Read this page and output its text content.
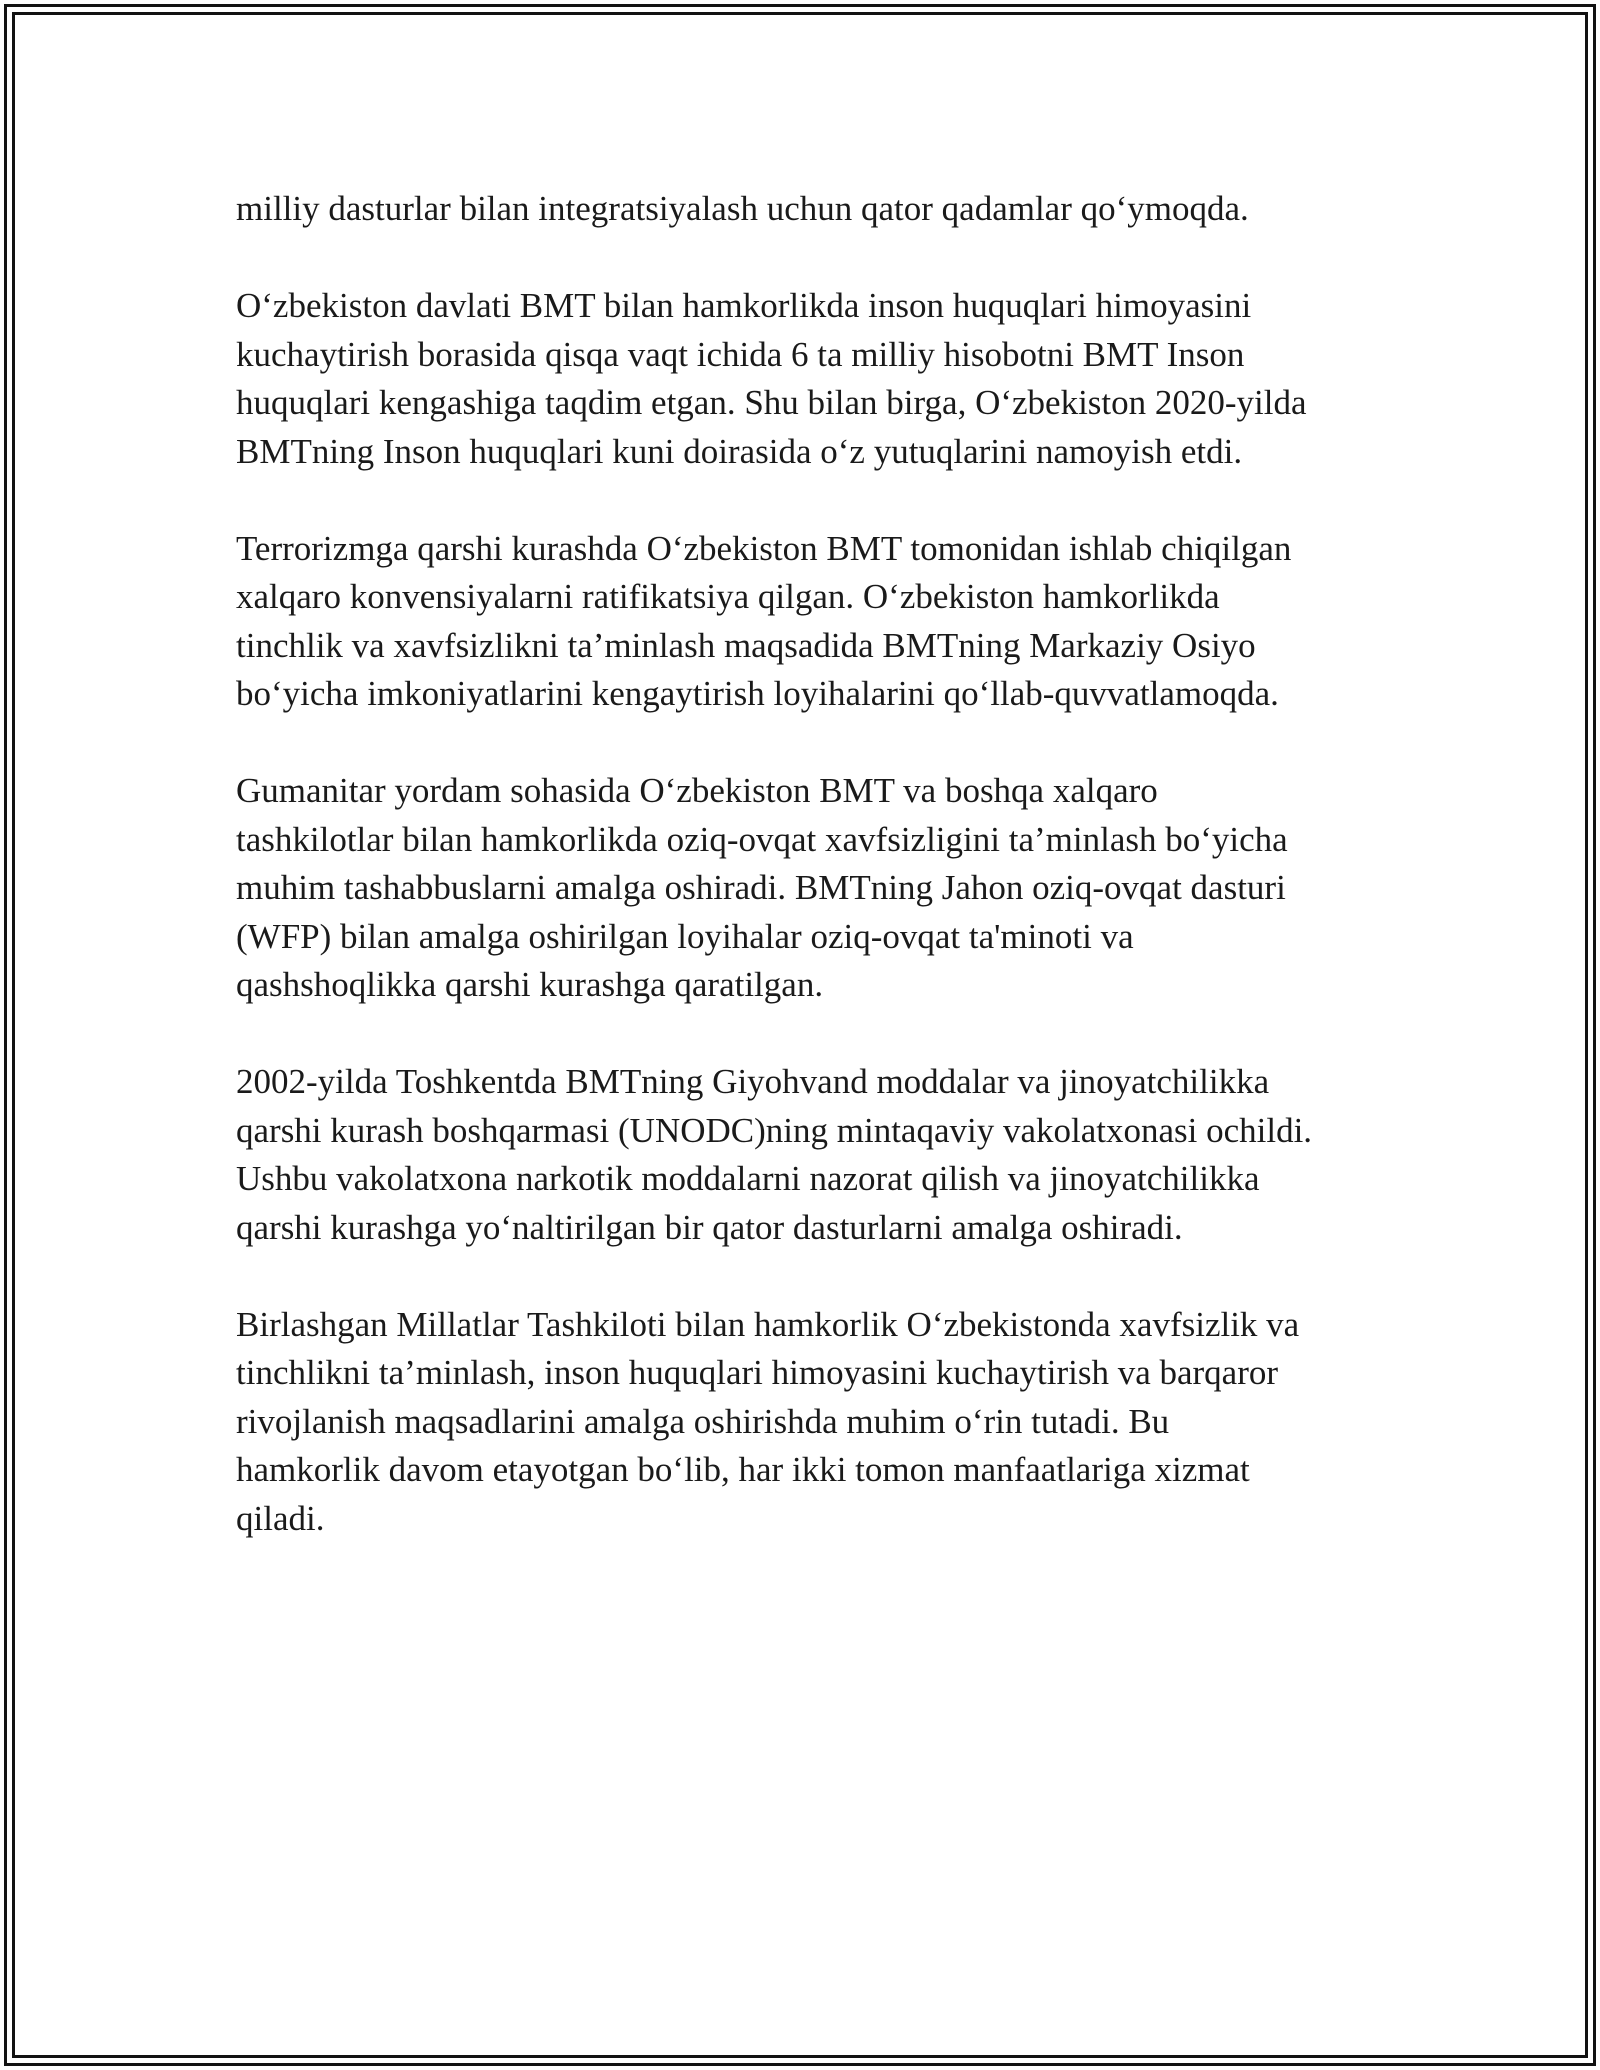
milliy dasturlar bilan integratsiyalash uchun qator qadamlar qo‘ymoqda.

O‘zbekiston davlati BMT bilan hamkorlikda inson huquqlari himoyasini
kuchaytirish borasida qisqa vaqt ichida 6 ta milliy hisobotni BMT Inson
huquqlari kengashiga taqdim etgan. Shu bilan birga, O‘zbekiston 2020-yilda
BMTning Inson huquqlari kuni doirasida o‘z yutuqlarini namoyish etdi.

Terrorizmga qarshi kurashda O‘zbekiston BMT tomonidan ishlab chiqilgan
xalqaro konvensiyalarni ratifikatsiya qilgan. O‘zbekiston hamkorlikda
tinchlik va xavfsizlikni ta’minlash maqsadida BMTning Markaziy Osiyo
bo‘yicha imkoniyatlarini kengaytirish loyihalarini qo‘llab-quvvatlamoqda.

Gumanitar yordam sohasida O‘zbekiston BMT va boshqa xalqaro
tashkilotlar bilan hamkorlikda oziq-ovqat xavfsizligini ta’minlash bo‘yicha
muhim tashabbuslarni amalga oshiradi. BMTning Jahon oziq-ovqat dasturi
(WFP) bilan amalga oshirilgan loyihalar oziq-ovqat ta'minoti va
qashshoqlikka qarshi kurashga qaratilgan.

2002-yilda Toshkentda BMTning Giyohvand moddalar va jinoyatchilikka
qarshi kurash boshqarmasi (UNODC)ning mintaqaviy vakolatxonasi ochildi.
Ushbu vakolatxona narkotik moddalarni nazorat qilish va jinoyatchilikka
qarshi kurashga yo‘naltirilgan bir qator dasturlarni amalga oshiradi.

Birlashgan Millatlar Tashkiloti bilan hamkorlik O‘zbekistonda xavfsizlik va
tinchlikni ta’minlash, inson huquqlari himoyasini kuchaytirish va barqaror
rivojlanish maqsadlarini amalga oshirishda muhim o‘rin tutadi. Bu
hamkorlik davom etayotgan bo‘lib, har ikki tomon manfaatlariga xizmat
qiladi.
